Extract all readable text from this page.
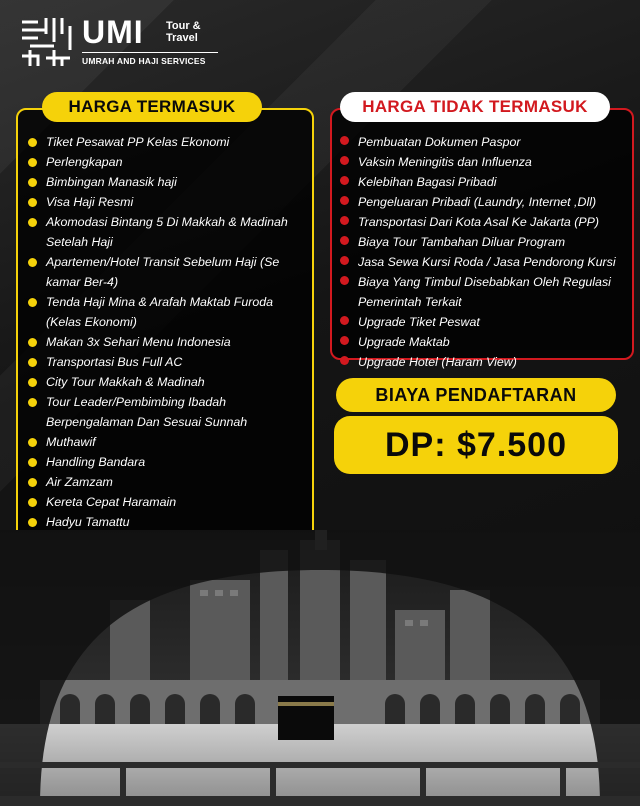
UMI Tour & Travel
UMRAH AND HAJI SERVICES
HARGA TERMASUK
Tiket Pesawat PP Kelas Ekonomi
Perlengkapan
Bimbingan Manasik haji
Visa Haji Resmi
Akomodasi Bintang 5 Di Makkah & Madinah Setelah Haji
Apartemen/Hotel Transit Sebelum Haji (Se kamar Ber-4)
Tenda Haji Mina & Arafah Maktab Furoda (Kelas Ekonomi)
Makan 3x Sehari Menu Indonesia
Transportasi Bus Full AC
City Tour Makkah & Madinah
Tour Leader/Pembimbing Ibadah Berpengalaman Dan Sesuai Sunnah
Muthawif
Handling Bandara
Air Zamzam
Kereta Cepat Haramain
Hadyu Tamattu
HARGA TIDAK TERMASUK
Pembuatan Dokumen Paspor
Vaksin Meningitis dan Influenza
Kelebihan Bagasi Pribadi
Pengeluaran Pribadi (Laundry, Internet ,Dll)
Transportasi Dari Kota Asal Ke Jakarta (PP)
Biaya Tour Tambahan Diluar Program
Jasa Sewa Kursi Roda / Jasa Pendorong Kursi
Biaya Yang Timbul Disebabkan Oleh Regulasi Pemerintah Terkait
Upgrade Tiket Peswat
Upgrade Maktab
Upgrade Hotel (Haram View)
BIAYA PENDAFTARAN
DP: $7.500
